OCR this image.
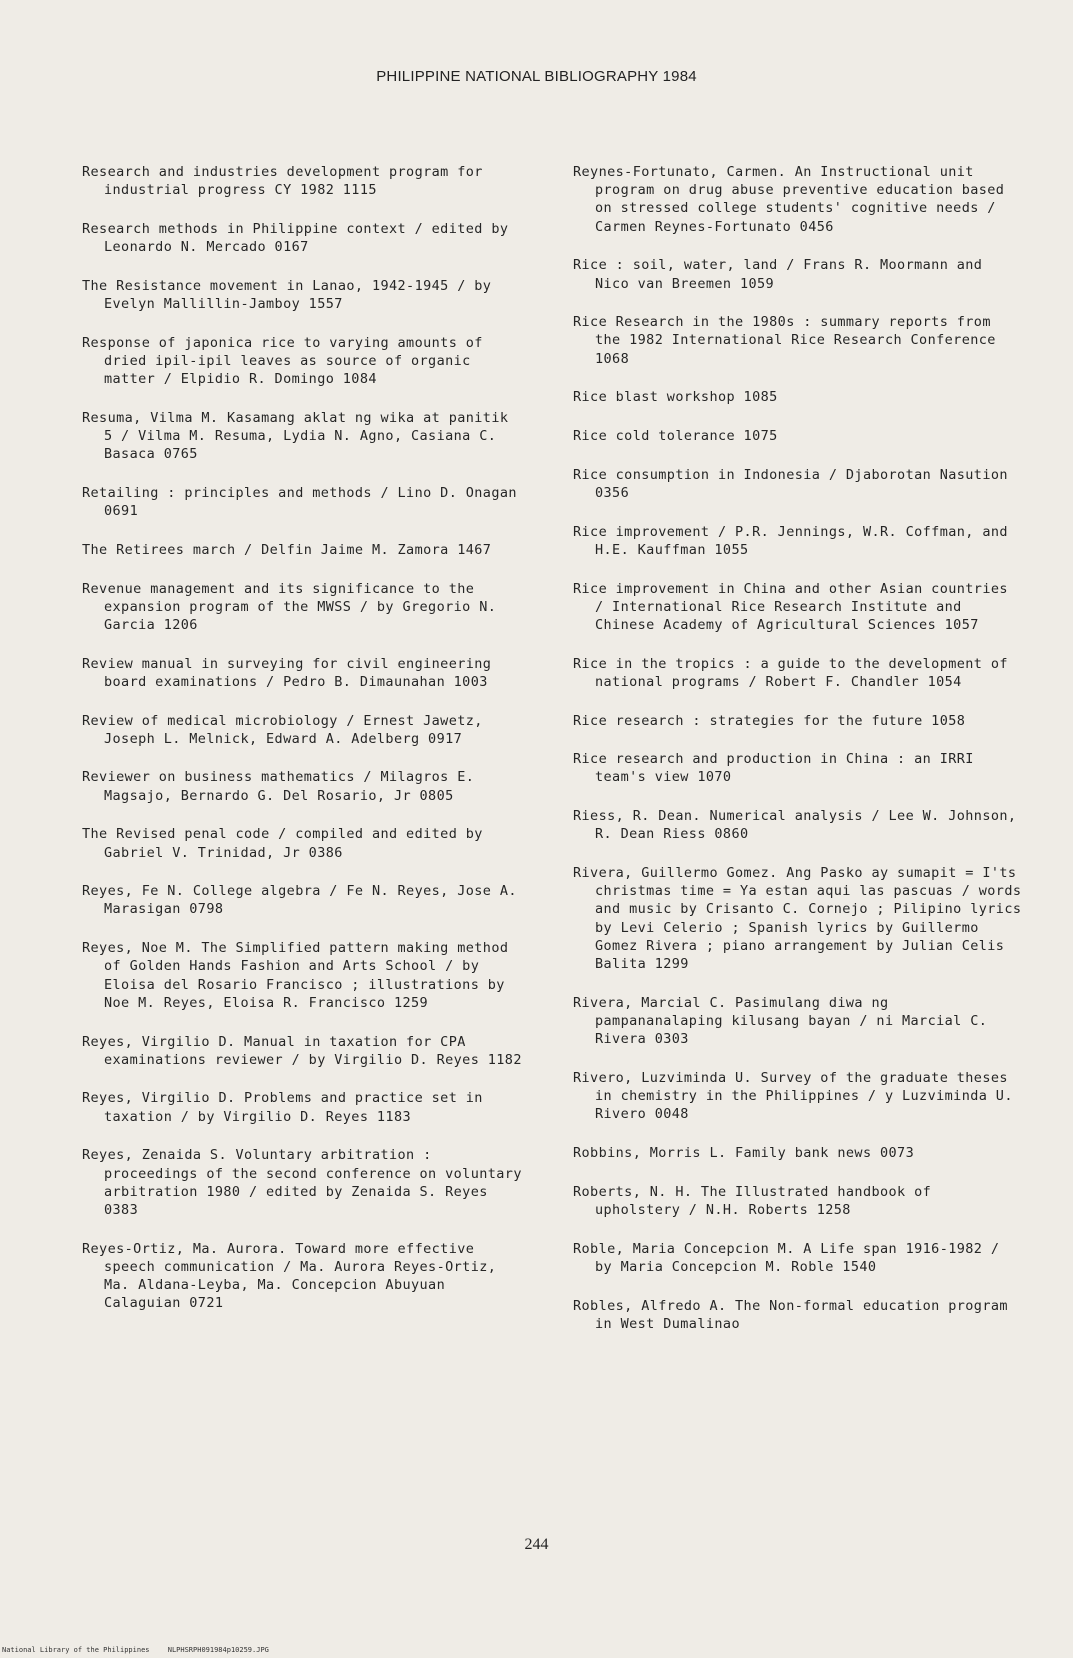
PHILIPPINE NATIONAL BIBLIOGRAPHY 1984
Research and industries development program for industrial progress CY 1982 1115
Research methods in Philippine context / edited by Leonardo N. Mercado 0167
The Resistance movement in Lanao, 1942-1945 / by Evelyn Mallillin-Jamboy 1557
Response of japonica rice to varying amounts of dried ipil-ipil leaves as source of organic matter / Elpidio R. Domingo 1084
Resuma, Vilma M. Kasamang aklat ng wika at panitik 5 / Vilma M. Resuma, Lydia N. Agno, Casiana C. Basaca 0765
Retailing : principles and methods / Lino D. Onagan 0691
The Retirees march / Delfin Jaime M. Zamora 1467
Revenue management and its significance to the expansion program of the MWSS / by Gregorio N. Garcia 1206
Review manual in surveying for civil engineering board examinations / Pedro B. Dimaunahan 1003
Review of medical microbiology / Ernest Jawetz, Joseph L. Melnick, Edward A. Adelberg 0917
Reviewer on business mathematics / Milagros E. Magsajo, Bernardo G. Del Rosario, Jr 0805
The Revised penal code / compiled and edited by Gabriel V. Trinidad, Jr 0386
Reyes, Fe N. College algebra / Fe N. Reyes, Jose A. Marasigan 0798
Reyes, Noe M. The Simplified pattern making method of Golden Hands Fashion and Arts School / by Eloisa del Rosario Francisco ; illustrations by Noe M. Reyes, Eloisa R. Francisco 1259
Reyes, Virgilio D. Manual in taxation for CPA examinations reviewer / by Virgilio D. Reyes 1182
Reyes, Virgilio D. Problems and practice set in taxation / by Virgilio D. Reyes 1183
Reyes, Zenaida S. Voluntary arbitration : proceedings of the second conference on voluntary arbitration 1980 / edited by Zenaida S. Reyes 0383
Reyes-Ortiz, Ma. Aurora. Toward more effective speech communication / Ma. Aurora Reyes-Ortiz, Ma. Aldana-Leyba, Ma. Concepcion Abuyuan Calaguian 0721
Reynes-Fortunato, Carmen. An Instructional unit program on drug abuse preventive education based on stressed college students' cognitive needs / Carmen Reynes-Fortunato 0456
Rice : soil, water, land / Frans R. Moormann and Nico van Breemen 1059
Rice Research in the 1980s : summary reports from the 1982 International Rice Research Conference 1068
Rice blast workshop 1085
Rice cold tolerance 1075
Rice consumption in Indonesia / Djaborotan Nasution 0356
Rice improvement / P.R. Jennings, W.R. Coffman, and H.E. Kauffman 1055
Rice improvement in China and other Asian countries / International Rice Research Institute and Chinese Academy of Agricultural Sciences 1057
Rice in the tropics : a guide to the development of national programs / Robert F. Chandler 1054
Rice research : strategies for the future 1058
Rice research and production in China : an IRRI team's view 1070
Riess, R. Dean. Numerical analysis / Lee W. Johnson, R. Dean Riess 0860
Rivera, Guillermo Gomez. Ang Pasko ay sumapit = I'ts christmas time = Ya estan aqui las pascuas / words and music by Crisanto C. Cornejo ; Pilipino lyrics by Levi Celerio ; Spanish lyrics by Guillermo Gomez Rivera ; piano arrangement by Julian Celis Balita 1299
Rivera, Marcial C. Pasimulang diwa ng pampananalaping kilusang bayan / ni Marcial C. Rivera 0303
Rivero, Luzviminda U. Survey of the graduate theses in chemistry in the Philippines / y Luzviminda U. Rivero 0048
Robbins, Morris L. Family bank news 0073
Roberts, N. H. The Illustrated handbook of upholstery / N.H. Roberts 1258
Roble, Maria Concepcion M. A Life span 1916-1982 / by Maria Concepcion M. Roble 1540
Robles, Alfredo A. The Non-formal education program in West Dumalinao
244
National Library of the Philippines	NLPHSRPH091984p10259.JPG
